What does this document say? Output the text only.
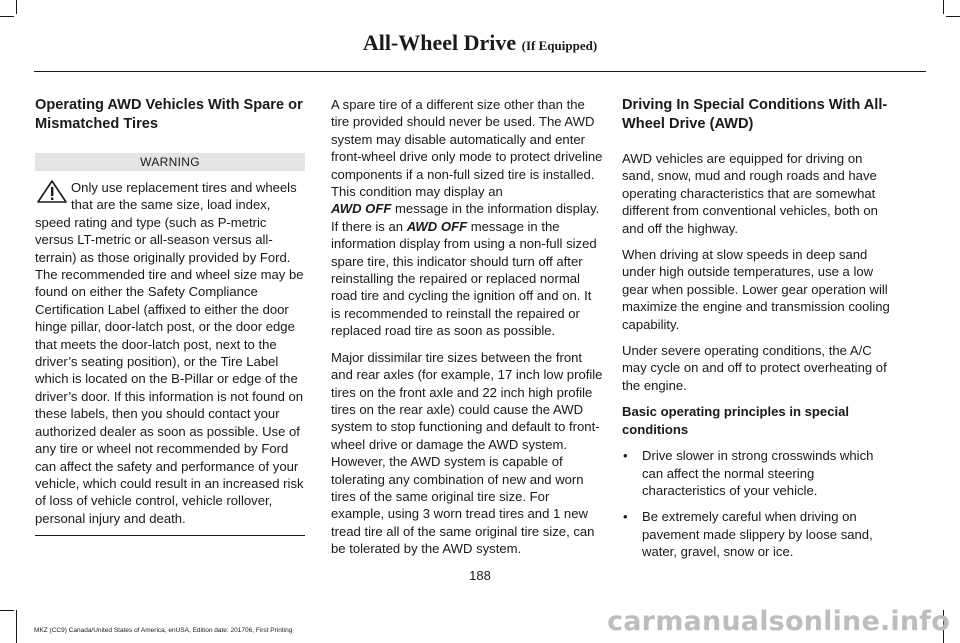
All-Wheel Drive (If Equipped)
Operating AWD Vehicles With Spare or Mismatched Tires
WARNING

Only use replacement tires and wheels that are the same size, load index, speed rating and type (such as P-metric versus LT-metric or all-season versus all-terrain) as those originally provided by Ford. The recommended tire and wheel size may be found on either the Safety Compliance Certification Label (affixed to either the door hinge pillar, door-latch post, or the door edge that meets the door-latch post, next to the driver’s seating position), or the Tire Label which is located on the B-Pillar or edge of the driver’s door. If this information is not found on these labels, then you should contact your authorized dealer as soon as possible. Use of any tire or wheel not recommended by Ford can affect the safety and performance of your vehicle, which could result in an increased risk of loss of vehicle control, vehicle rollover, personal injury and death.

A spare tire of a different size other than the tire provided should never be used. The AWD system may disable automatically and enter front-wheel drive only mode to protect driveline components if a non-full sized tire is installed. This condition may display an
AWD OFF message in the information display. If there is an AWD OFF message in the information display from using a non-full sized spare tire, this indicator should turn off after reinstalling the repaired or replaced normal road tire and cycling the ignition off and on. It is recommended to reinstall the repaired or replaced road tire as soon as possible.

Major dissimilar tire sizes between the front and rear axles (for example, 17 inch low profile tires on the front axle and 22 inch high profile tires on the rear axle) could cause the AWD system to stop functioning and default to front-wheel drive or damage the AWD system. However, the AWD system is capable of tolerating any combination of new and worn tires of the same original tire size. For example, using 3 worn tread tires and 1 new tread tire all of the same original tire size, can be tolerated by the AWD system.

Driving In Special Conditions With All-Wheel Drive (AWD)

AWD vehicles are equipped for driving on sand, snow, mud and rough roads and have operating characteristics that are somewhat different from conventional vehicles, both on and off the highway.

When driving at slow speeds in deep sand under high outside temperatures, use a low gear when possible. Lower gear operation will maximize the engine and transmission cooling capability.

Under severe operating conditions, the A/C may cycle on and off to protect overheating of the engine.

Basic operating principles in special conditions
• Drive slower in strong crosswinds which can affect the normal steering characteristics of your vehicle.
• Be extremely careful when driving on pavement made slippery by loose sand, water, gravel, snow or ice.
188
MKZ (CC9) Canada/United States of America, enUSA, Edition date: 201706, First Printing	carmanualsonline.info
